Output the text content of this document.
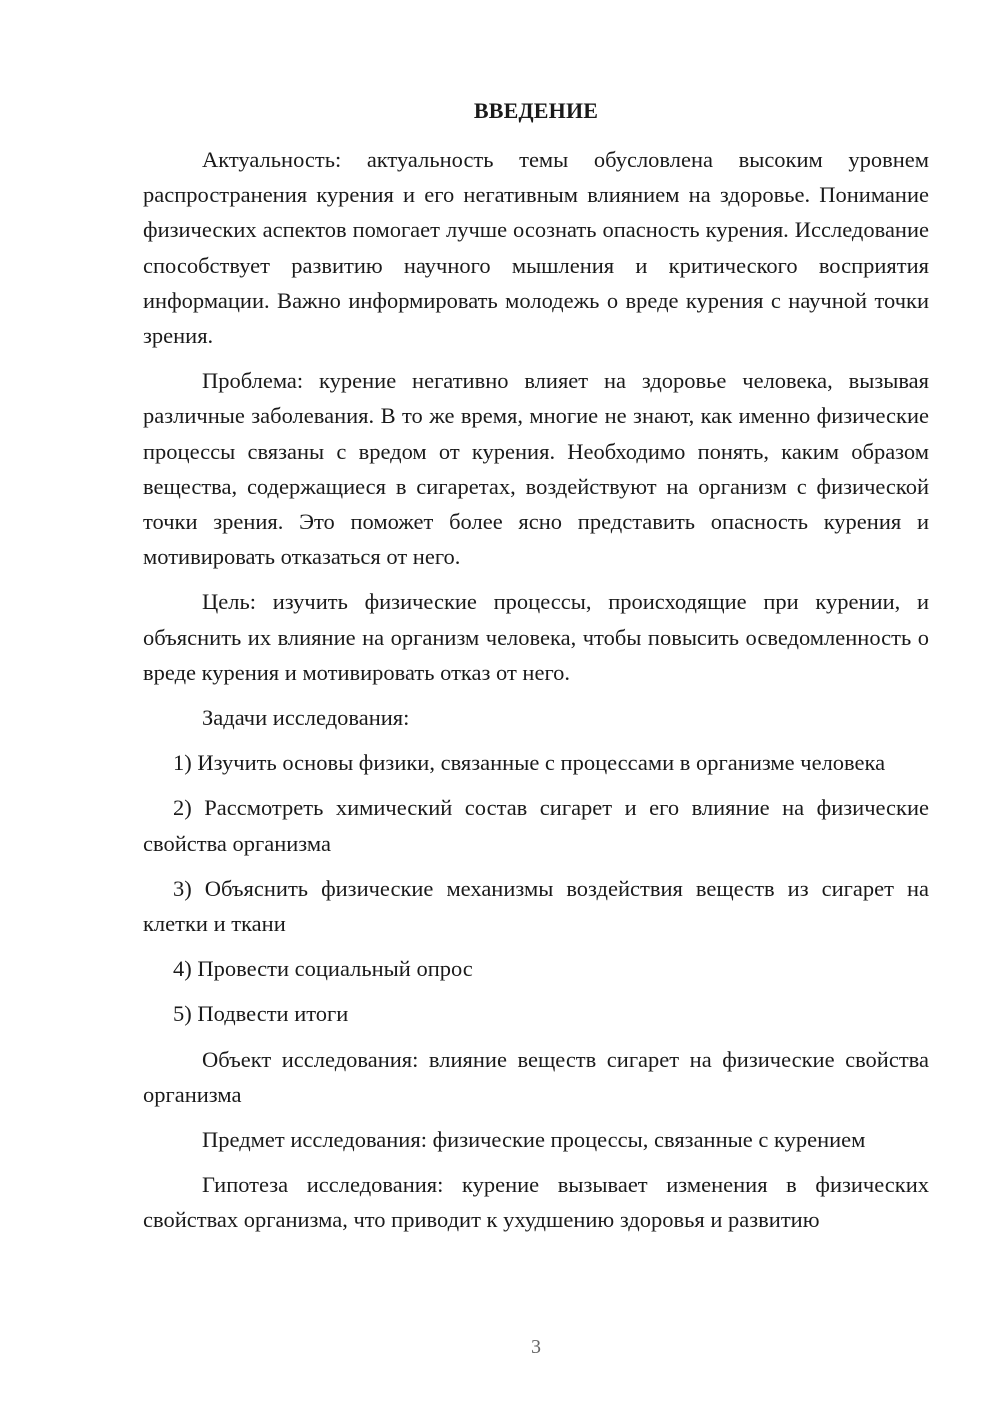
ВВЕДЕНИЕ

Актуальность: актуальность темы обусловлена высоким уровнем распространения курения и его негативным влиянием на здоровье. Понимание физических аспектов помогает лучше осознать опасность курения. Исследование способствует развитию научного мышления и критического восприятия информации. Важно информировать молодежь о вреде курения с научной точки зрения.

Проблема: курение негативно влияет на здоровье человека, вызывая различные заболевания. В то же время, многие не знают, как именно физические процессы связаны с вредом от курения. Необходимо понять, каким образом вещества, содержащиеся в сигаретах, воздействуют на организм с физической точки зрения. Это поможет более ясно представить опасность курения и мотивировать отказаться от него.

Цель: изучить физические процессы, происходящие при курении, и объяснить их влияние на организм человека, чтобы повысить осведомленность о вреде курения и мотивировать отказ от него.

Задачи исследования:

1) Изучить основы физики, связанные с процессами в организме человека

2) Рассмотреть химический состав сигарет и его влияние на физические свойства организма

3) Объяснить физические механизмы воздействия веществ из сигарет на клетки и ткани

4) Провести социальный опрос

5) Подвести итоги

Объект исследования: влияние веществ сигарет на физические свойства организма

Предмет исследования: физические процессы, связанные с курением

Гипотеза исследования: курение вызывает изменения в физических свойствах организма, что приводит к ухудшению здоровья и развитию

3
